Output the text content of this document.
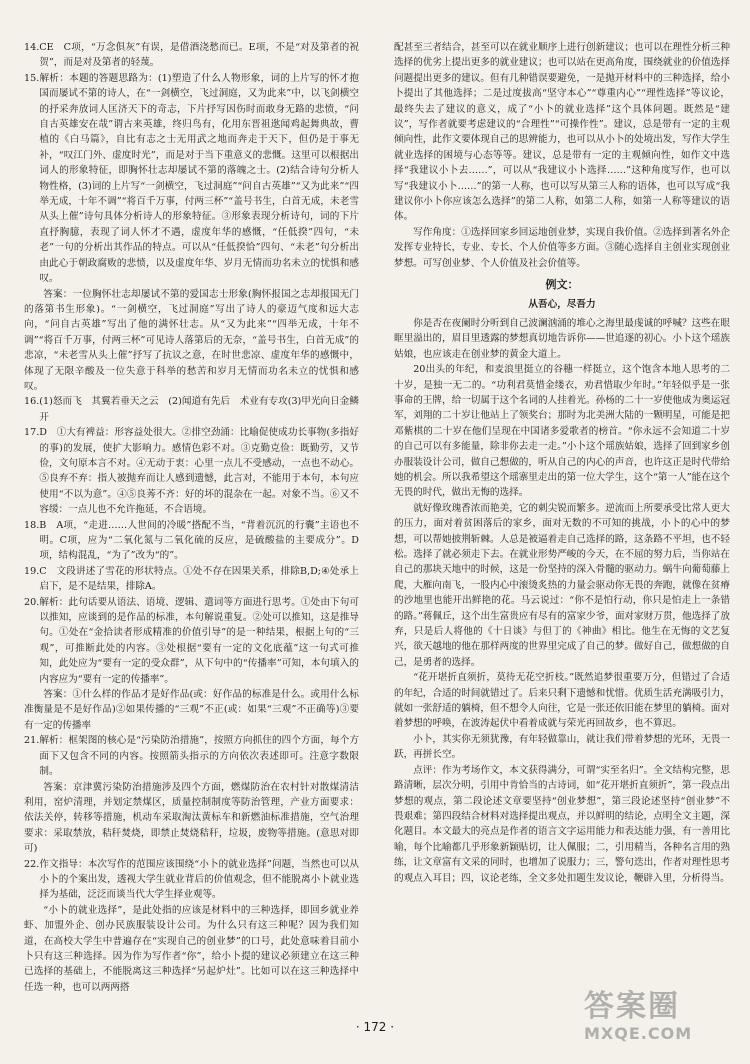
14.CE　C项，“万念俱灰”有误，是借酒浇愁而已。E项，不是“对及第者的祝贺”，而是对及第者的轻蔑。

15.解析：本题的答题思路为：(1)塑造了什么人物形象，词的上片写的怀才抱国而屡试不第的诗人，在“一剑横空，飞过洞庭，又为此来”中，以飞剑横空的抒采奔放词人匡济天下的奇志，下片抒写因伤时而敢身无路的悲愤，“问自古英雄安在哉”谓古来英雄，终归鸟有，化用东晋祖逖闻鸡起舞典故，曹植的《白马篇》，自比有志之士无用武之地而奔走于天下，但仍是于事无补，“叹江门外、虚度时光”，而是对于当下重意义的悲慨。这里可以根据出词人的形象特征，即胸怀壮志却屡试不第的落魄之士。(2)结合诗句分析人物性格，(3)词的上片写“一剑横空，飞过洞庭”“问自古英雄”“又为此来”“四举无成，十年不调”“将百千万事，付两三杯”“盖号书生，白首无成，未老雪从头上催”诗句具体分析诗人的形象特征。③形象表现分析诗句，词的下片直抒胸臆，表现了词人怀才不遇，虚度年华的感慨，“任低揆”四句，“未老”一句的分析出其作品的特点。可以从“任低揆恰”四句、“未老”句分析出由此心于朝政腐败的悲愤，以及虚度年华、岁月无情而功名未立的忧惧和感叹。

答案：一位胸怀壮志却屡试不第的爱国志士形象(胸怀报国之志却报国无门的落第书生形象)。“一剑横空，飞过洞庭”写出了诗人的豪迈气度和远大志向，“问自古英雄”写出了他的满怀壮志。从“又为此来”“四举无成，十年不调”“将百千万事，付两三杯”可见诗人落第后的无奈，“盖号书生，白首无成”的悲凉，“未老雪从头上催”抒写了抗议之意，在时世悲凉、虚度年华的感慨中，体现了无限辛酸及一位失意于科举的愁苦和岁月无情而功名未立的忧惧和感叹。

16.(1)怒而飞　其翼若垂天之云　(2)闻道有先后　术业有专攻(3)甲光向日金鳞开

17.D　①大有裨益：形容益处很大。②排空劲涌：比喻促使成功长事物(多指好的事)的发展，使扩大影响力。感情色彩不对。③克勤克俭：既勤劳，又节俭，文句原本言不对。④无动于衷：心里一点儿不受感动，一点也不动心。⑤良弃不弃：指人被抛弃而让人感到遗憾，此言对，不能用于本句，本句应使用“不以为意”。④⑤良莠不齐：好的坏的混杂在一起。对象不当。⑥又不容缓：一点儿也不允许拖延，不合语境。

18.B　A项，“走进……人世间的冷暖”搭配不当，“背着沉沉的行囊”主语也不明。C项，应为“二氧化氮与二氧化硫的反应，是硫酸盐的主要成分”。D项，结构混乱，“为了”改为“的”。

19.C　文段讲述了雪花的形状特点。①处不存在因果关系，排除B,D;④处承上启下，是不是结果，排除A。

20.解析：此句话要从语法、语境、逻辑、遣词等方面进行思考。①处由下句可以推知，应谈到的是作品的标准，本句解说重复。②处可以推知，这是推导句。①处在“金拾读者形成精准的价值引导”的是一种结果，根据上句的“三观”，可推断此处的内容。③处根据“要有一定的文化底蕴”这一句式可推知，此处应为“要有一定的受众群”，从下句中的“传播率”可知，本句填入的内容应为“要有一定的传播率”。

答案：①什么样的作品才是好作品(或：好作品的标准是什么。或用什么标准衡量是不是好作品)②如果传播的“三观”不正(或：如果“三观”不正确等)③要有一定的传播率

21.解析：框架图的核心是“污染防治措施”，按照方向抓住的四个方面，每个方面下又包含不同的内容。按照箭头指示的方向依次表述即可。注意字数限制。

答案：京津冀污染防治措施涉及四个方面，燃煤防治在农村针对散煤清洁利用，窑炉清理，并划定禁煤区，质量控制制度等防治管理，产业方面要求：依法关停，转移等措施，机动车采取淘汰黄标车和新燃油标准措施，空气治理要求：采取禁放，秸秆焚烧，即禁止焚烧秸秆，垃圾，废物等措施。(意思对即可)

22.作文指导：本次写作的范围应该围绕“小卜的就业选择”问题，当然也可以从小卜的个案出发，透视大学生就业背后的价值观念，但不能脱离小卜就业选择为基础，泛泛而谈当代大学生择业观等。

“小卜的就业选择”，是此处指的应该是材料中的三种选择，即回乡就业养虾、加盟外企、创办民族服装设计公司。为什么只有这三种呢？因为我们知道，在高校大学生中普遍存在“实现自己的创业梦”的口号，此处意味着目前小卜只有这三种选择。因为作为写作者“你”，给小卜提的建议必须建立在这三种已选择的基础上，不能脱离这三种选择“另起炉灶”。比如可以在这三种选择中任选一种，也可以两两搭

配甚至三者结合，甚至可以在就业顺序上进行创新建议；也可以在理性分析三种选择的优劣上提出更多的就业建议；也可以站在更高角度，围绕就业的价值选择问题提出更多的建议。但有几种错误要避免，一是抛开材料中的三种选择，给小卜提出了其他选择；二是过度拔高“坚守本心”“尊重内心”“理性选择”等议论，最终失去了建议的意义，成了“小卜的就业选择”这个具体问题。既然是“建议”，写作者就要考虑建议的“合理性”“可操作性”。建议，总是带有一定的主观倾向性，此作文要体现自己的思辨能力，也可以从小卜的处境出发，写作大学生就业选择的困境与心态等等。建议，总是带有一定的主观倾向性，如作文中选择“我建议小卜去……”，可以从“我建议小卜选择……”这种角度写作，也可以写“我建议小卜……”的第一人称，也可以写从第三人称的语体，也可以写成“我建议你小卜你应该怎么选择”的第二人称，如第二人称，如第一人称等建议的语体。

写作角度：①选择回家乡回运地创业梦，实现自我价值。②选择到著名外企发挥专业特长，专业、专长、个人价值等多方面。③随心选择自主创业实现创业梦想。可写创业梦、个人价值及社会价值等。

例文：
从吾心，尽吾力

你是否在夜阑时分听到自己波澜汹涌的堆心之海里最虔诚的呼喊？这些在眼眶里溢出的，眉目里透露的梦想真切地告诉你——世追逐的初心。小卜这个瑶族姑娘，也应该走在创业梦的黄金大道上。

20出头的年纪，和麦浪里挺立的谷穗一样挺立，这个饱含本地人思考的二十岁，是独一无二的。“功利君莫惜金缕衣，劝君惜取少年时。”年轻似乎是一张事命的王牌，给一切属于这个名词的人挂着光。孙杨的二十一岁使他成为奥运冠军，刘翔的二十岁让他站上了领奖台；那时为北美洲大陆的一颗明星，可能是把邓紫棋的二十岁在他们呈现在中国诸多爱歌者的榜首。“你永远不会知道二十岁的自己可以有多能量，除非你去走一走。”小卜这个瑶族姑娘，选择了回到家乡创办服装设计公司，做自己想做的，听从自己的内心的声音，也许这正是时代带给她的机会。所以我希望这个瑶寨里走出的第一位大学生，这个“第一人”能在这个无畏的时代，做出无悔的选择。

就好像玫瑰香浓而艳美，它的刺尖锐而繁多。逆流而上所要承受比常人更大的压力，面对着贫困落后的家乡，面对无数的不可知的挑战，小卜的心中的梦想，可以帮她披荆斩棘。人总是被逼着走自己选择的路，这条路不平坦，也不轻松。选择了就必须走下去。在就业形势严峻的今天，在不屈的努力后，当你站在自己的那块天地中的时候，这是一份坚持的深入骨髓的驱动力。蜗牛向葡萄藤上爬，大雁向南飞，一股内心中滚烫炙热的力量会驱动你无畏的奔跑，就像在贫瘠的沙地里也能开出鲜艳的花。马云说过：“你不是怕行动，你只是怕走上一条错的路。”蒋佩丘，这个出生富贵应有尽有的富家少爷，面对家财万贯，他选择了放弃，只是后人将他的《十日谈》与但丁的《神曲》相比。他生在无悔的文艺复兴，欲天越地的他在那样两度的世界里完成了自己的梦。做好自己，做想做的自己，是勇者的选择。

“花开堪折直须折，莫待无花空折枝。”既然追梦很重要万分，但错过了合适的年纪，合适的时间就错过了。后来只剩下遗憾和忧惜。优质生活充满吸引力，就如一张舒适的躺椅，但不想令人向往，它是一张还依旧能在梦里的躺椅。面对着梦想的呼唤，在波涛起伏中看着成就与荣光再回故乡，也不算迟。

小卜，其实你无须犹豫，有年轻做靠山，就让我们带着梦想的光环，无畏一跃，再拼长空。

点评：作为考场作文，本文获得满分，可谓“实至名归”。全文结构完整，思路清晰，层次分明，引用中肯恰当的古诗词，如“花开堪折直须折”，第一段点出梦想的观点，第二段论述文章要坚持“创业梦想”，第三段论述坚持“创业梦”不畏艰难；第四段结合材料对选择提出观点，并以鲜明的结论，点明全文主题，深化题目。本文最大的亮点是作者的语言文字运用能力和表达能力强，有一善用比喻，每个比喻都几乎形象新颖贴切，让人佩服；二，引用精当，各种名言用的熟练，让文章富有文采的同时，也增加了说服力；三，警句迭出，作者对理性思考的观点入耳目；四，议论老练，全文多处扣题生发议论，鞭辟入里，分析得当。

· 172 ·
答案圈
MXQE.COM
